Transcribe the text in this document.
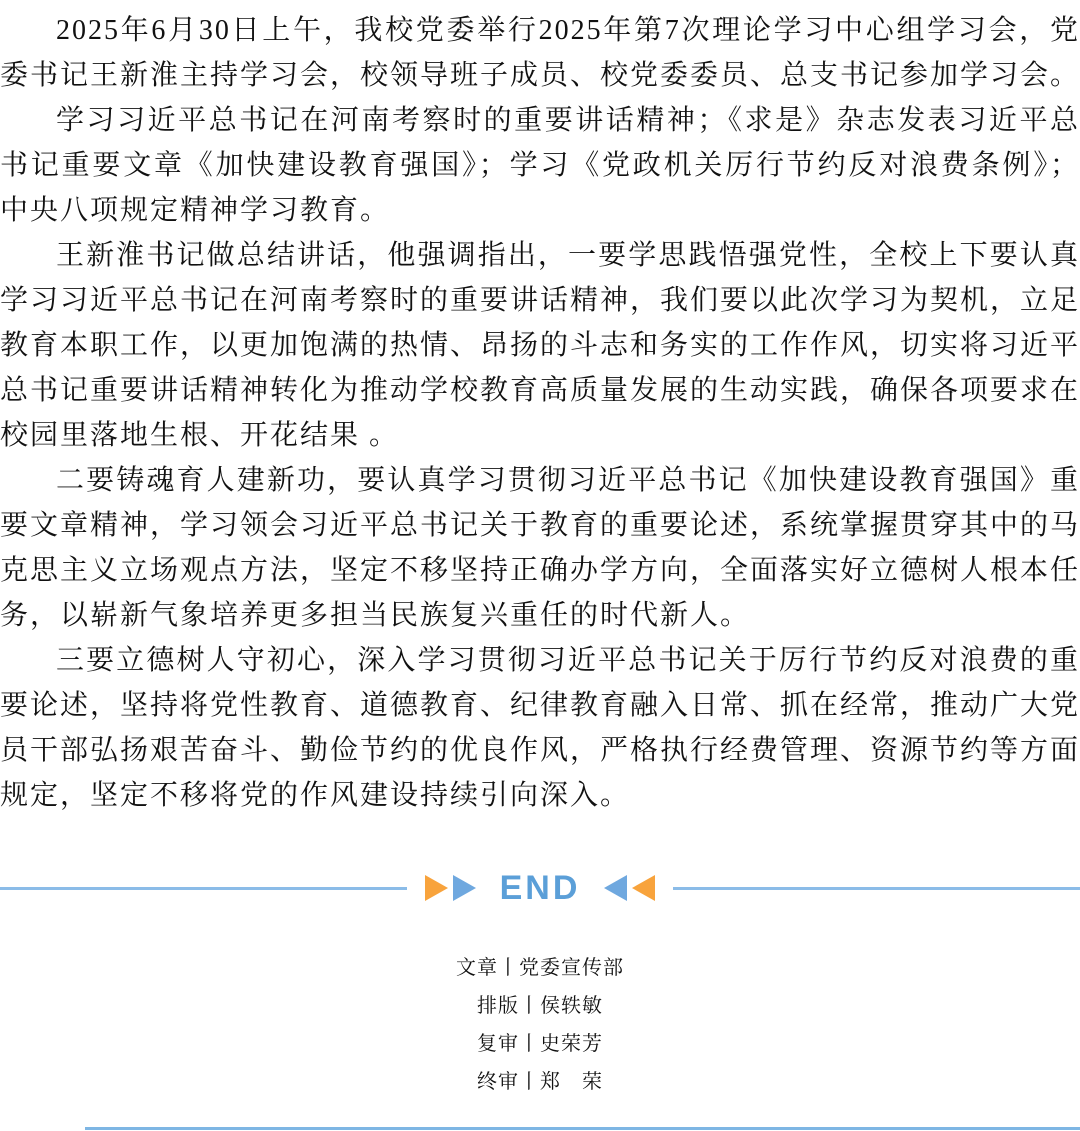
2025年6月30日上午，我校党委举行2025年第7次理论学习中心组学习会，党委书记王新淮主持学习会，校领导班子成员、校党委委员、总支书记参加学习会。

学习习近平总书记在河南考察时的重要讲话精神；《求是》杂志发表习近平总书记重要文章《加快建设教育强国》；学习《党政机关厉行节约反对浪费条例》；中央八项规定精神学习教育。

王新淮书记做总结讲话，他强调指出，一要学思践悟强党性，全校上下要认真学习习近平总书记在河南考察时的重要讲话精神，我们要以此次学习为契机，立足教育本职工作，以更加饱满的热情、昂扬的斗志和务实的工作作风，切实将习近平总书记重要讲话精神转化为推动学校教育高质量发展的生动实践，确保各项要求在校园里落地生根、开花结果 。

二要铸魂育人建新功，要认真学习贯彻习近平总书记《加快建设教育强国》重要文章精神，学习领会习近平总书记关于教育的重要论述，系统掌握贯穿其中的马克思主义立场观点方法，坚定不移坚持正确办学方向，全面落实好立德树人根本任务，以崭新气象培养更多担当民族复兴重任的时代新人。

三要立德树人守初心，深入学习贯彻习近平总书记关于厉行节约反对浪费的重要论述，坚持将党性教育、道德教育、纪律教育融入日常、抓在经常，推动广大党员干部弘扬艰苦奋斗、勤俭节约的优良作风，严格执行经费管理、资源节约等方面规定，坚定不移将党的作风建设持续引向深入。

END

文章丨党委宣传部

排版丨侯轶敏

复审丨史荣芳

终审丨郑　荣
